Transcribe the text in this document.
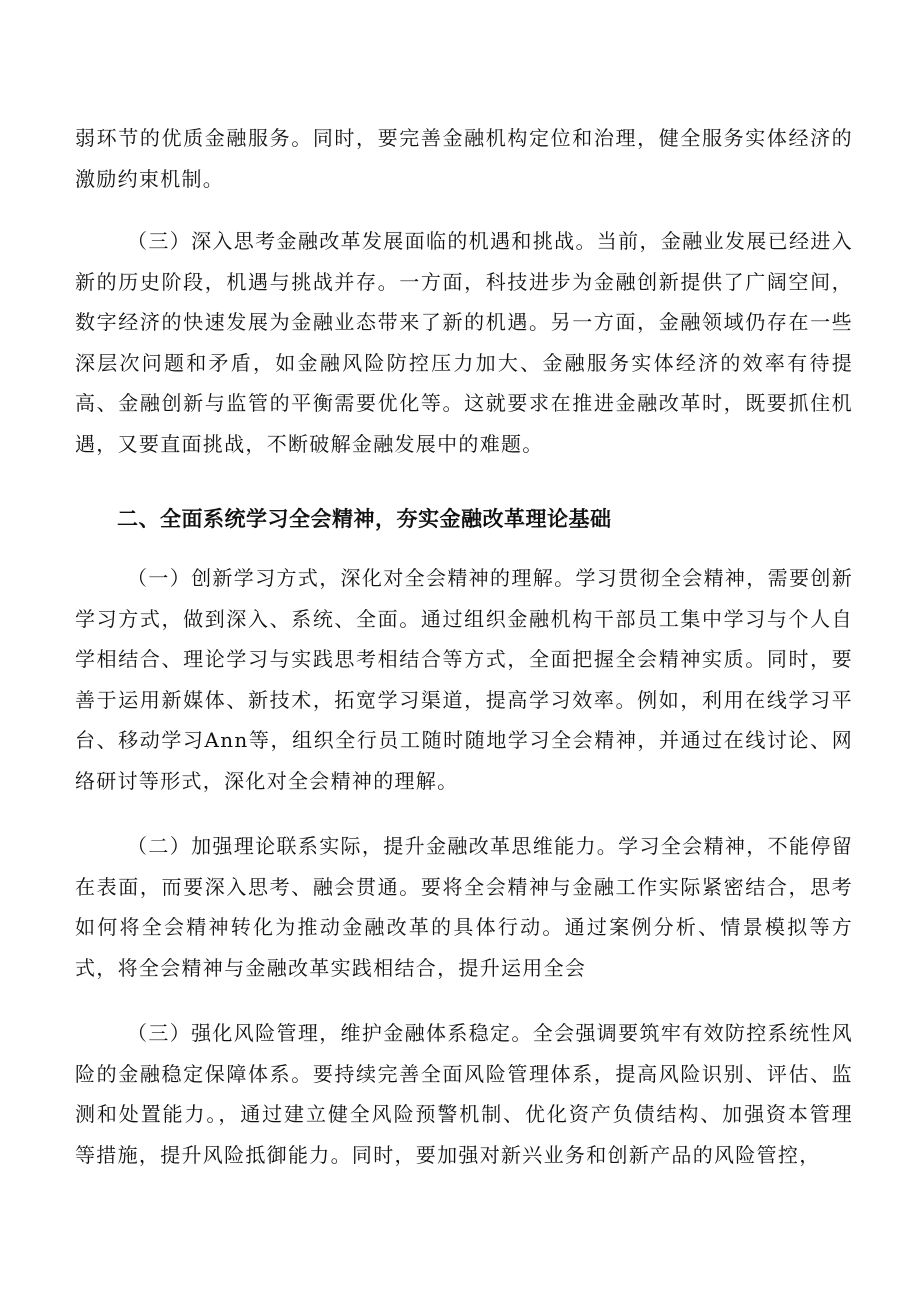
弱环节的优质金融服务。同时，要完善金融机构定位和治理，健全服务实体经济的激励约束机制。

（三）深入思考金融改革发展面临的机遇和挑战。当前，金融业发展已经进入新的历史阶段，机遇与挑战并存。一方面，科技进步为金融创新提供了广阔空间，数字经济的快速发展为金融业态带来了新的机遇。另一方面，金融领域仍存在一些深层次问题和矛盾，如金融风险防控压力加大、金融服务实体经济的效率有待提高、金融创新与监管的平衡需要优化等。这就要求在推进金融改革时，既要抓住机遇，又要直面挑战，不断破解金融发展中的难题。

二、全面系统学习全会精神，夯实金融改革理论基础

（一）创新学习方式，深化对全会精神的理解。学习贯彻全会精神，需要创新学习方式，做到深入、系统、全面。通过组织金融机构干部员工集中学习与个人自学相结合、理论学习与实践思考相结合等方式，全面把握全会精神实质。同时，要善于运用新媒体、新技术，拓宽学习渠道，提高学习效率。例如，利用在线学习平台、移动学习Ann等，组织全行员工随时随地学习全会精神，并通过在线讨论、网络研讨等形式，深化对全会精神的理解。

（二）加强理论联系实际，提升金融改革思维能力。学习全会精神，不能停留在表面，而要深入思考、融会贯通。要将全会精神与金融工作实际紧密结合，思考如何将全会精神转化为推动金融改革的具体行动。通过案例分析、情景模拟等方式，将全会精神与金融改革实践相结合，提升运用全会

（三）强化风险管理，维护金融体系稳定。全会强调要筑牢有效防控系统性风险的金融稳定保障体系。要持续完善全面风险管理体系，提高风险识别、评估、监测和处置能力。，通过建立健全风险预警机制、优化资产负债结构、加强资本管理等措施，提升风险抵御能力。同时，要加强对新兴业务和创新产品的风险管控，
